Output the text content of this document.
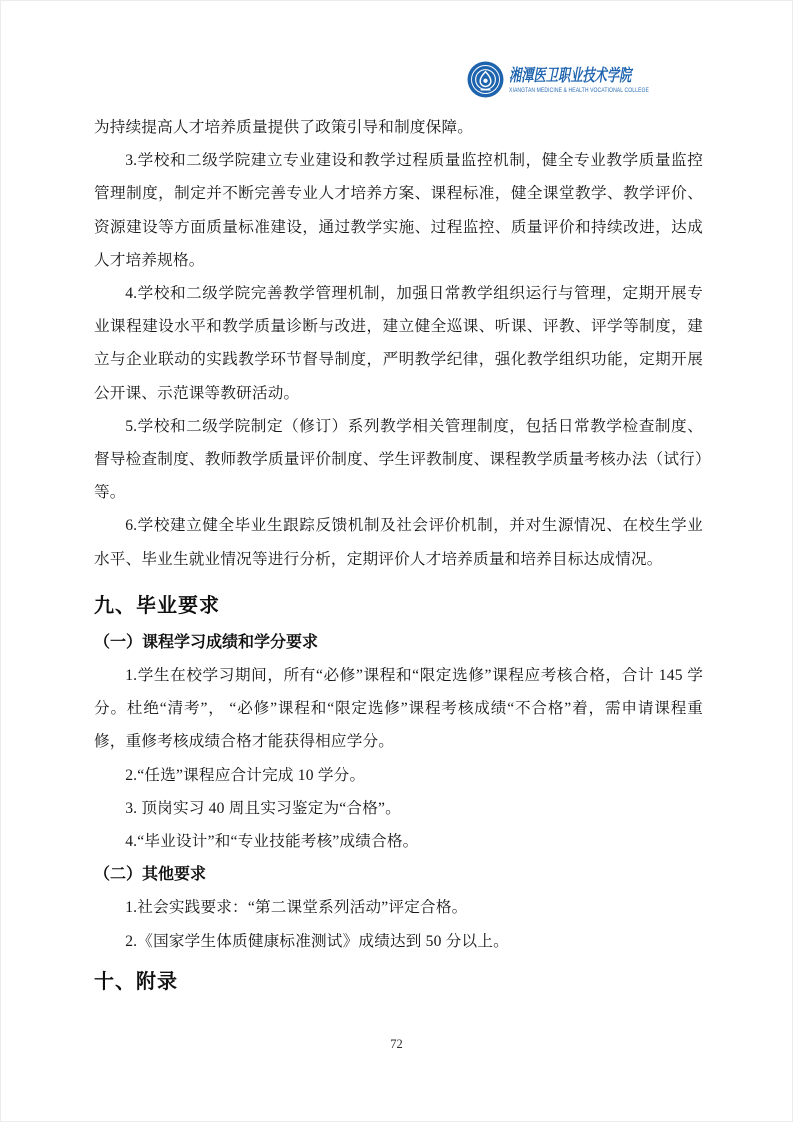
湘潭医卫职业技术学院
XIANGTAN MEDICINE & HEALTH VOCATIONAL COLLEGE

为持续提高人才培养质量提供了政策引导和制度保障。

3.学校和二级学院建立专业建设和教学过程质量监控机制，健全专业教学质量监控管理制度，制定并不断完善专业人才培养方案、课程标准，健全课堂教学、教学评价、资源建设等方面质量标准建设，通过教学实施、过程监控、质量评价和持续改进，达成人才培养规格。

4.学校和二级学院完善教学管理机制，加强日常教学组织运行与管理，定期开展专业课程建设水平和教学质量诊断与改进，建立健全巡课、听课、评教、评学等制度，建立与企业联动的实践教学环节督导制度，严明教学纪律，强化教学组织功能，定期开展公开课、示范课等教研活动。

5.学校和二级学院制定（修订）系列教学相关管理制度，包括日常教学检查制度、督导检查制度、教师教学质量评价制度、学生评教制度、课程教学质量考核办法（试行）等。

6.学校建立健全毕业生跟踪反馈机制及社会评价机制，并对生源情况、在校生学业水平、毕业生就业情况等进行分析，定期评价人才培养质量和培养目标达成情况。

九、毕业要求
（一）课程学习成绩和学分要求

1.学生在校学习期间，所有“必修”课程和“限定选修”课程应考核合格，合计 145 学分。杜绝“清考”， “必修”课程和“限定选修”课程考核成绩“不合格”着，需申请课程重修，重修考核成绩合格才能获得相应学分。

2.“任选”课程应合计完成 10 学分。

3. 顶岗实习 40 周且实习鉴定为“合格”。

4.“毕业设计”和“专业技能考核”成绩合格。

（二）其他要求

1.社会实践要求：“第二课堂系列活动”评定合格。

2.《国家学生体质健康标准测试》成绩达到 50 分以上。

十、附录
72
